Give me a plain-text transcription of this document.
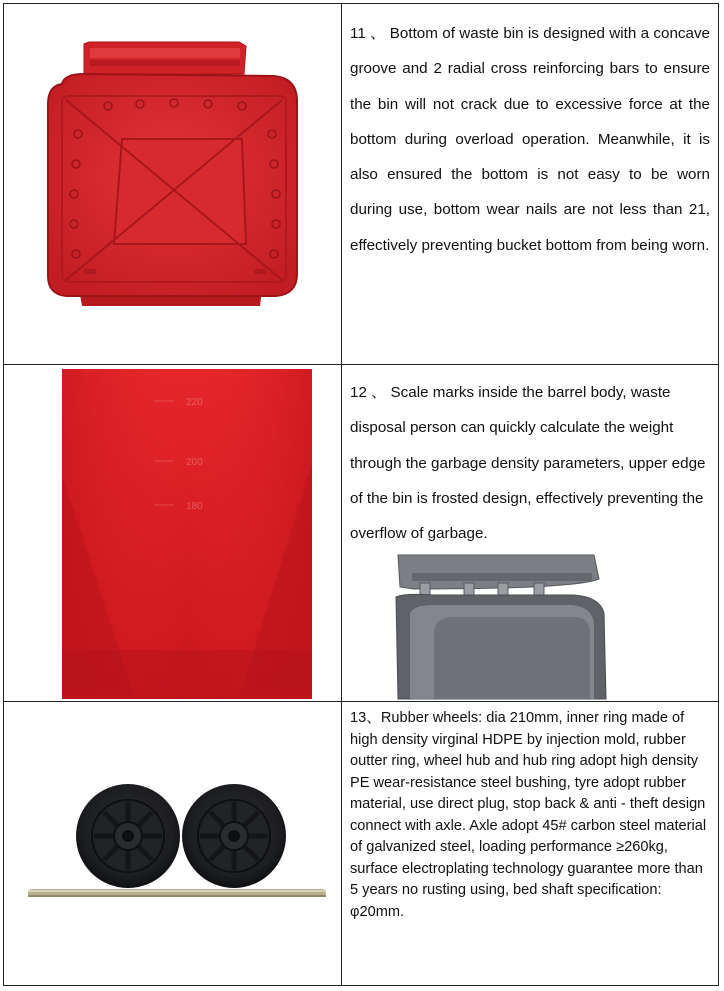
11 、 Bottom of waste bin is designed with a concave groove and 2 radial cross reinforcing bars to ensure the bin will not crack due to excessive force at the bottom during overload operation. Meanwhile, it is also ensured the bottom is not easy to be worn during use, bottom wear nails are not less than 21, effectively preventing bucket bottom from being worn.
220
200
180
12 、 Scale marks inside the barrel body, waste disposal person can quickly calculate the weight through the garbage density parameters, upper edge of the bin is frosted design, effectively preventing the overflow of garbage.
13、Rubber wheels: dia 210mm, inner ring made of high density virginal HDPE by injection mold, rubber outter ring, wheel hub and hub ring adopt high density PE wear-resistance steel bushing, tyre adopt rubber material, use direct plug, stop back & anti - theft design connect with axle. Axle adopt 45# carbon steel material of galvanized steel, loading performance ≥260kg, surface electroplating technology guarantee more than 5 years no rusting using, bed shaft specification: φ20mm.
